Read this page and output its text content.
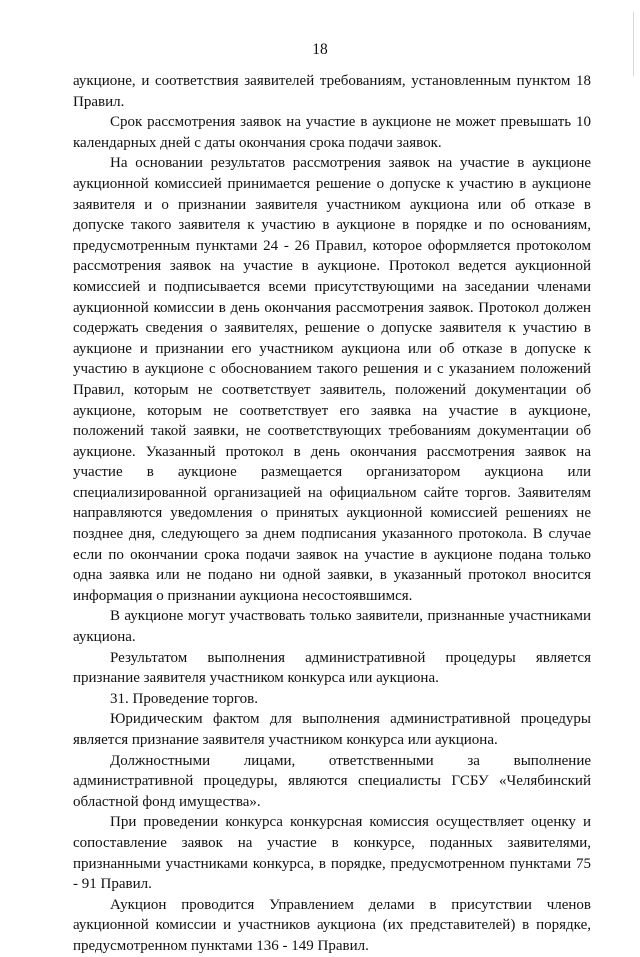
18

аукционе, и соответствия заявителей требованиям, установленным пунктом 18 Правил.

Срок рассмотрения заявок на участие в аукционе не может превышать 10 календарных дней с даты окончания срока подачи заявок.

На основании результатов рассмотрения заявок на участие в аукционе аукционной комиссией принимается решение о допуске к участию в аукционе заявителя и о признании заявителя участником аукциона или об отказе в допуске такого заявителя к участию в аукционе в порядке и по основаниям, предусмотренным пунктами 24 - 26 Правил, которое оформляется протоколом рассмотрения заявок на участие в аукционе. Протокол ведется аукционной комиссией и подписывается всеми присутствующими на заседании членами аукционной комиссии в день окончания рассмотрения заявок. Протокол должен содержать сведения о заявителях, решение о допуске заявителя к участию в аукционе и признании его участником аукциона или об отказе в допуске к участию в аукционе с обоснованием такого решения и с указанием положений Правил, которым не соответствует заявитель, положений документации об аукционе, которым не соответствует его заявка на участие в аукционе, положений такой заявки, не соответствующих требованиям документации об аукционе. Указанный протокол в день окончания рассмотрения заявок на участие в аукционе размещается организатором аукциона или специализированной организацией на официальном сайте торгов. Заявителям направляются уведомления о принятых аукционной комиссией решениях не позднее дня, следующего за днем подписания указанного протокола. В случае если по окончании срока подачи заявок на участие в аукционе подана только одна заявка или не подано ни одной заявки, в указанный протокол вносится информация о признании аукциона несостоявшимся.

В аукционе могут участвовать только заявители, признанные участниками аукциона.

Результатом выполнения административной процедуры является признание заявителя участником конкурса или аукциона.

31. Проведение торгов.

Юридическим фактом для выполнения административной процедуры является признание заявителя участником конкурса или аукциона.

Должностными лицами, ответственными за выполнение административной процедуры, являются специалисты ГСБУ «Челябинский областной фонд имущества».

При проведении конкурса конкурсная комиссия осуществляет оценку и сопоставление заявок на участие в конкурсе, поданных заявителями, признанными участниками конкурса, в порядке, предусмотренном пунктами 75 - 91 Правил.

Аукцион проводится Управлением делами в присутствии членов аукционной комиссии и участников аукциона (их представителей) в порядке, предусмотренном пунктами 136 - 149 Правил.
